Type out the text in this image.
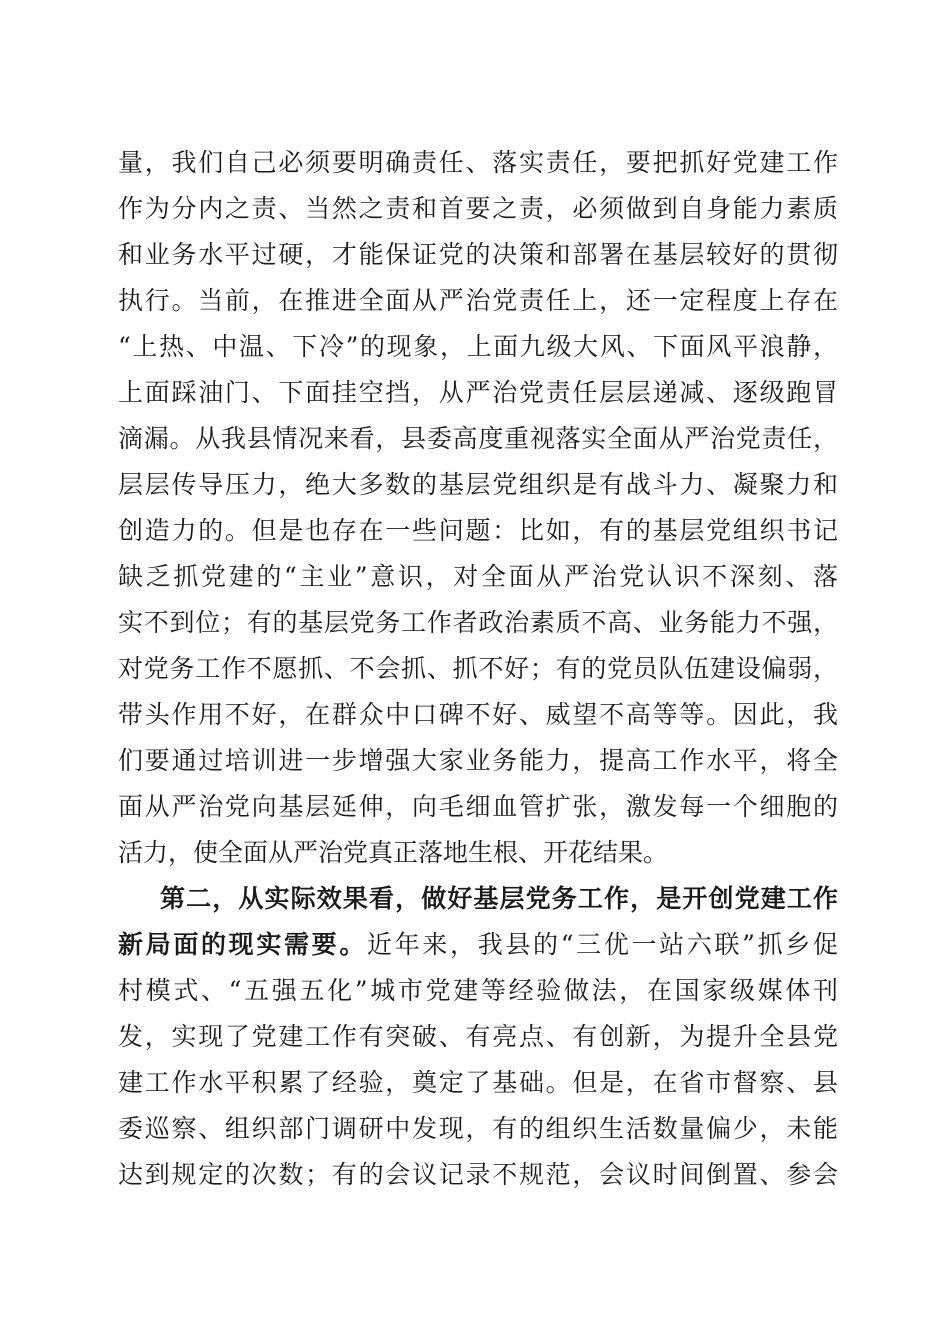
量，我们自己必须要明确责任、落实责任，要把抓好党建工作
作为分内之责、当然之责和首要之责，必须做到自身能力素质
和业务水平过硬，才能保证党的决策和部署在基层较好的贯彻
执行。当前，在推进全面从严治党责任上，还一定程度上存在
“上热、中温、下冷”的现象，上面九级大风、下面风平浪静，
上面踩油门、下面挂空挡，从严治党责任层层递减、逐级跑冒
滴漏。从我县情况来看，县委高度重视落实全面从严治党责任，
层层传导压力，绝大多数的基层党组织是有战斗力、凝聚力和
创造力的。但是也存在一些问题：比如，有的基层党组织书记
缺乏抓党建的“主业”意识，对全面从严治党认识不深刻、落
实不到位；有的基层党务工作者政治素质不高、业务能力不强，
对党务工作不愿抓、不会抓、抓不好；有的党员队伍建设偏弱，
带头作用不好，在群众中口碑不好、威望不高等等。因此，我
们要通过培训进一步增强大家业务能力，提高工作水平，将全
面从严治党向基层延伸，向毛细血管扩张，激发每一个细胞的
活力，使全面从严治党真正落地生根、开花结果。
第二，从实际效果看，做好基层党务工作，是开创党建工作
新局面的现实需要。近年来，我县的“三优一站六联”抓乡促
村模式、“五强五化”城市党建等经验做法，在国家级媒体刊
发，实现了党建工作有突破、有亮点、有创新，为提升全县党
建工作水平积累了经验，奠定了基础。但是，在省市督察、县
委巡察、组织部门调研中发现，有的组织生活数量偏少，未能
达到规定的次数；有的会议记录不规范，会议时间倒置、参会
